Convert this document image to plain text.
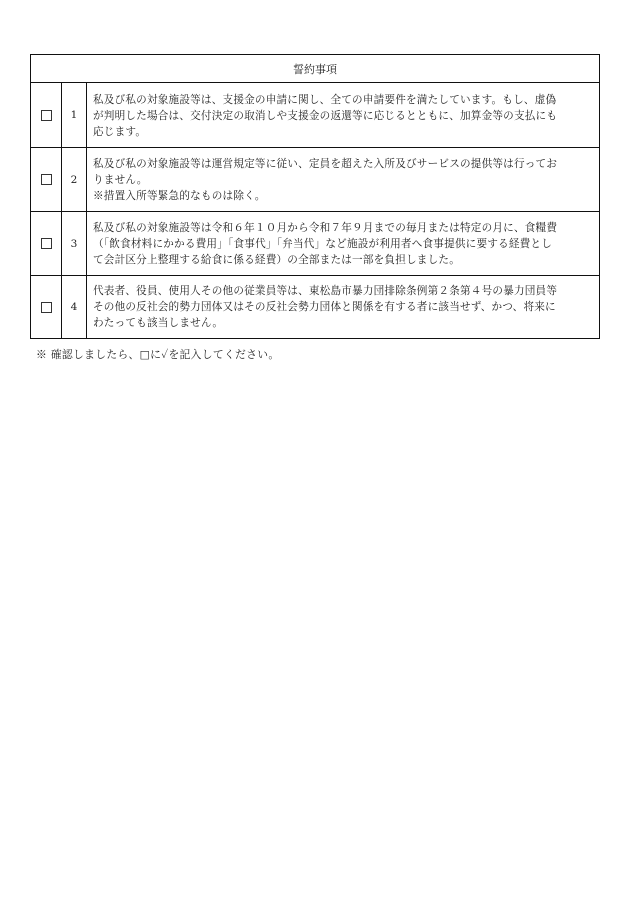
誓約事項
1

私及び私の対象施設等は、支援金の申請に関し、全ての申請要件を満たしています。もし、虚偽

が判明した場合は、交付決定の取消しや支援金の返還等に応じるとともに、加算金等の支払にも

応じます。

2

私及び私の対象施設等は運営規定等に従い、定員を超えた入所及びサービスの提供等は行ってお

りません。

※措置入所等緊急的なものは除く。

3

私及び私の対象施設等は令和６年１０月から令和７年９月までの毎月または特定の月に、食糧費

（「飲食材料にかかる費用」「食事代」「弁当代」など施設が利用者へ食事提供に要する経費とし

て会計区分上整理する給食に係る経費）の全部または一部を負担しました。

4

代表者、役員、使用人その他の従業員等は、東松島市暴力団排除条例第２条第４号の暴力団員等

その他の反社会的勢力団体又はその反社会勢力団体と関係を有する者に該当せず、かつ、将来に

わたっても該当しません。

※ 確認しましたら、□に✓を記入してください。
